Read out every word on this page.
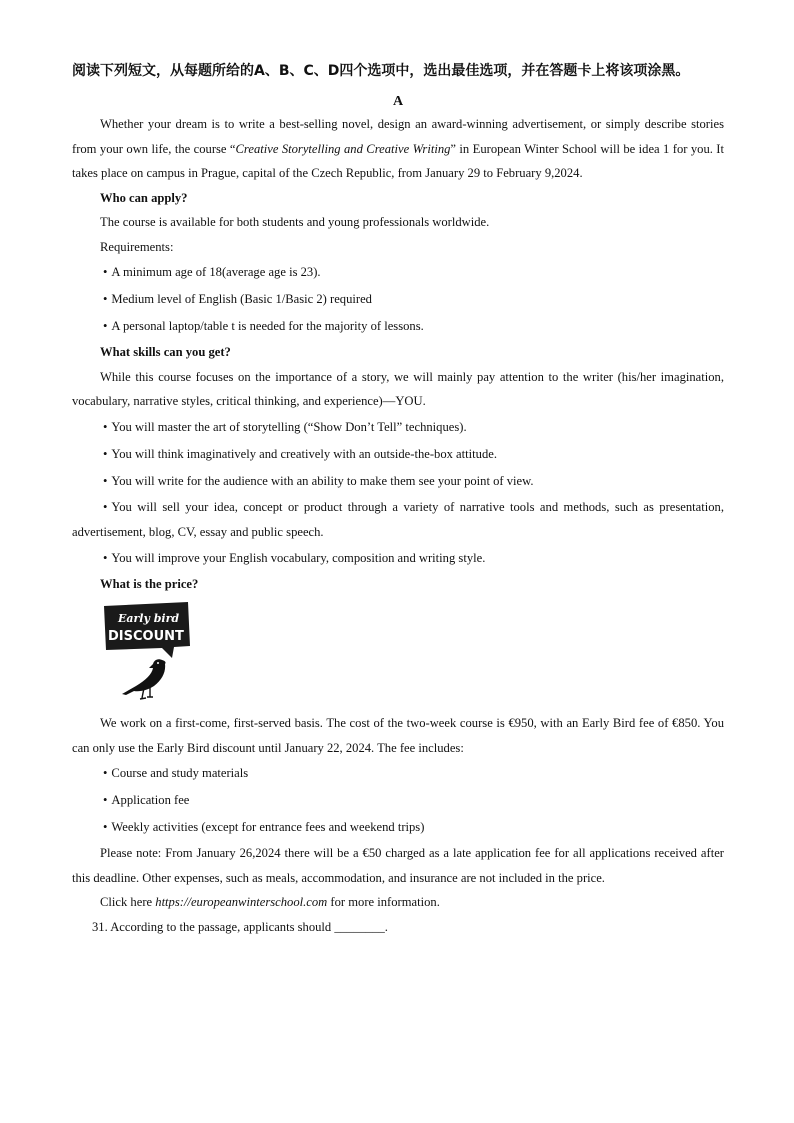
阅读下列短文，从每题所给的A、B、C、D四个选项中，选出最佳选项，并在答题卡上将该项涂黑。

A

Whether your dream is to write a best-selling novel, design an award-winning advertisement, or simply describe stories from your own life, the course “Creative Storytelling and Creative Writing” in European Winter School will be idea 1 for you. It takes place on campus in Prague, capital of the Czech Republic, from January 29 to February 9,2024.

Who can apply?

The course is available for both students and young professionals worldwide.

Requirements:

• A minimum age of 18(average age is 23).

• Medium level of English (Basic 1/Basic 2) required

• A personal laptop/table t is needed for the majority of lessons.

What skills can you get?

While this course focuses on the importance of a story, we will mainly pay attention to the writer (his/her imagination, vocabulary, narrative styles, critical thinking, and experience)—YOU.

• You will master the art of storytelling (“Show Don’t Tell” techniques).

• You will think imaginatively and creatively with an outside-the-box attitude.

• You will write for the audience with an ability to make them see your point of view.

• You will sell your idea, concept or product through a variety of narrative tools and methods, such as presentation, advertisement, blog, CV, essay and public speech.

• You will improve your English vocabulary, composition and writing style.

What is the price?

Early bird
DISCOUNT

We work on a first-come, first-served basis. The cost of the two-week course is €950, with an Early Bird fee of €850. You can only use the Early Bird discount until January 22, 2024. The fee includes:

• Course and study materials

• Application fee

• Weekly activities (except for entrance fees and weekend trips)

Please note: From January 26,2024 there will be a €50 charged as a late application fee for all applications received after this deadline. Other expenses, such as meals, accommodation, and insurance are not included in the price.

Click here https://europeanwinterschool.com for more information.

31. According to the passage, applicants should ________.
